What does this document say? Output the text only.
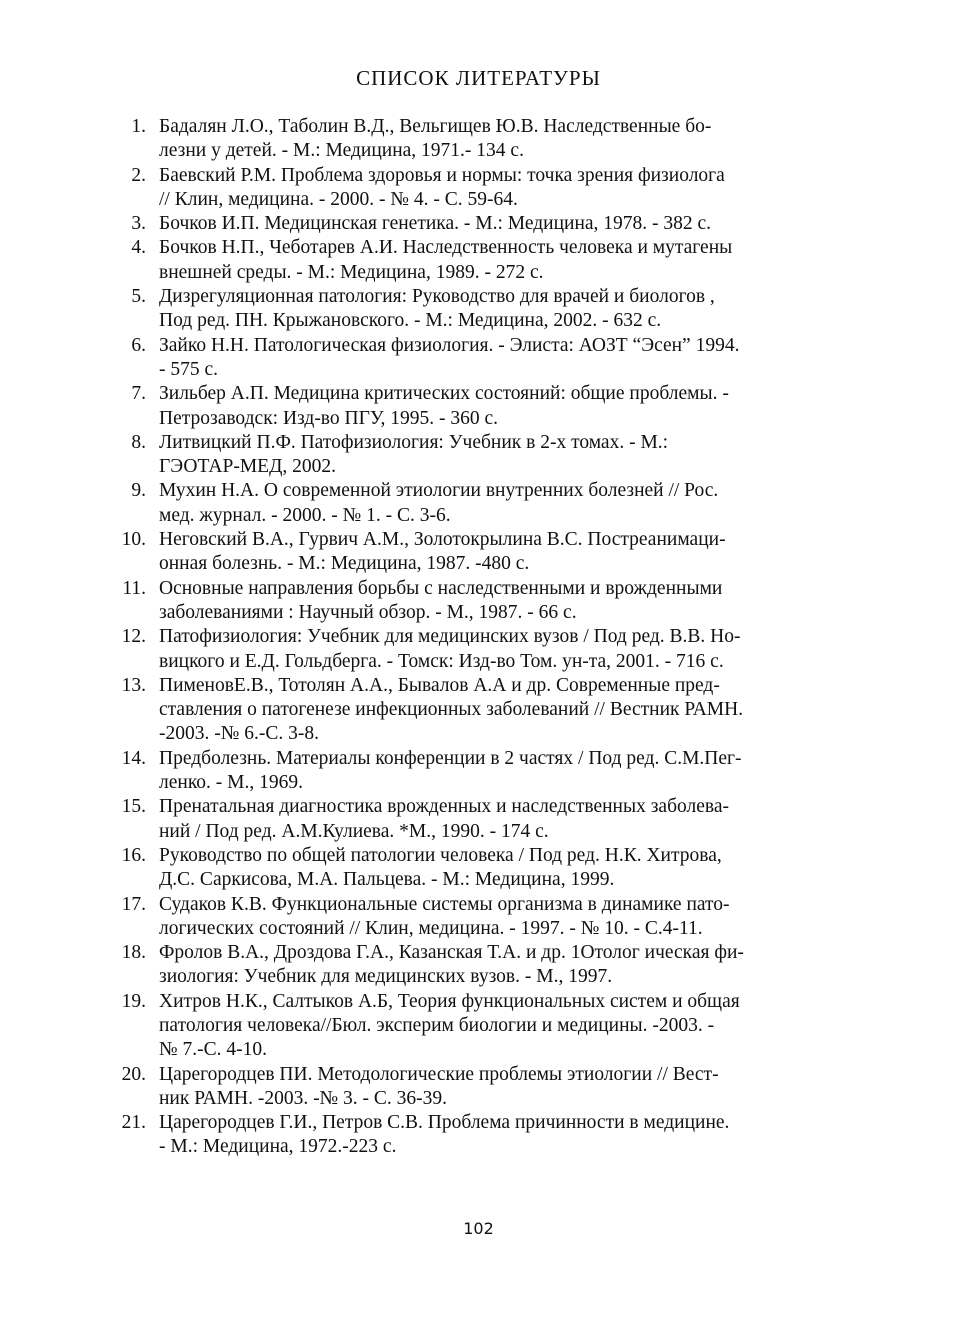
СПИСОК ЛИТЕРАТУРЫ
1. Бадалян Л.О., Таболин В.Д., Вельгищев Ю.В. Наследственные бо-
лезни у детей. - М.: Медицина, 1971.- 134 с.
2. Баевский Р.М. Проблема здоровья и нормы: точка зрения физиолога
// Клин, медицина. - 2000. - № 4. - С. 59-64.
3. Бочков И.П. Медицинская генетика. - М.: Медицина, 1978. - 382 с.
4. Бочков Н.П., Чеботарев А.И. Наследственность человека и мутагены
внешней среды. - М.: Медицина, 1989. - 272 с.
5. Дизрегуляционная патология: Руководство для врачей и биологов ,
Под ред. ПН. Крыжановского. - М.: Медицина, 2002. - 632 с.
6. Зайко Н.Н. Патологическая физиология. - Элиста: АОЗТ “Эсен” 1994.
- 575 с.
7. Зильбер А.П. Медицина критических состояний: общие проблемы. -
Петрозаводск: Изд-во ПГУ, 1995. - 360 с.
8. Литвицкий П.Ф. Патофизиология: Учебник в 2-х томах. - М.:
ГЭОТАР-МЕД, 2002.
9. Мухин Н.А. О современной этиологии внутренних болезней // Рос.
мед. журнал. - 2000. - № 1. - С. 3-6.
10. Неговский В.А., Гурвич А.М., Золотокрылина В.С. Постреанимаци-
онная болезнь. - М.: Медицина, 1987. -480 с.
11. Основные направления борьбы с наследственными и врожденными
заболеваниями : Научный обзор. - М., 1987. - 66 с.
12. Патофизиология: Учебник для медицинских вузов / Под ред. В.В. Но-
вицкого и Е.Д. Гольдберга. - Томск: Изд-во Том. ун-та, 2001. - 716 с.
13. ПименовЕ.В., Тотолян А.А., Бывалов А.А и др. Современные пред-
ставления о патогенезе инфекционных заболеваний // Вестник РАМН.
-2003. -№ 6.-С. 3-8.
14. Предболезнь. Материалы конференции в 2 частях / Под ред. С.М.Пег-
ленко. - М., 1969.
15. Пренатальная диагностика врожденных и наследственных заболева-
ний / Под ред. А.М.Кулиева. *М., 1990. - 174 с.
16. Руководство по общей патологии человека / Под ред. Н.К. Хитрова,
Д.С. Саркисова, М.А. Пальцева. - М.: Медицина, 1999.
17. Судаков К.В. Функциональные системы организма в динамике пато-
логических состояний // Клин, медицина. - 1997. - № 10. - С.4-11.
18. Фролов В.А., Дроздова Г.А., Казанская Т.А. и др. 1Отолог ическая фи-
зиология: Учебник для медицинских вузов. - М., 1997.
19. Хитров Н.К., Салтыков А.Б, Теория функциональных систем и общая
патология человека//Бюл. эксперим биологии и медицины. -2003. -
№ 7.-С. 4-10.
20. Царегородцев ПИ. Методологические проблемы этиологии // Вест-
ник РАМН. -2003. -№ 3. - С. 36-39.
21. Царегородцев Г.И., Петров С.В. Проблема причинности в медицине.
- М.: Медицина, 1972.-223 с.
102
